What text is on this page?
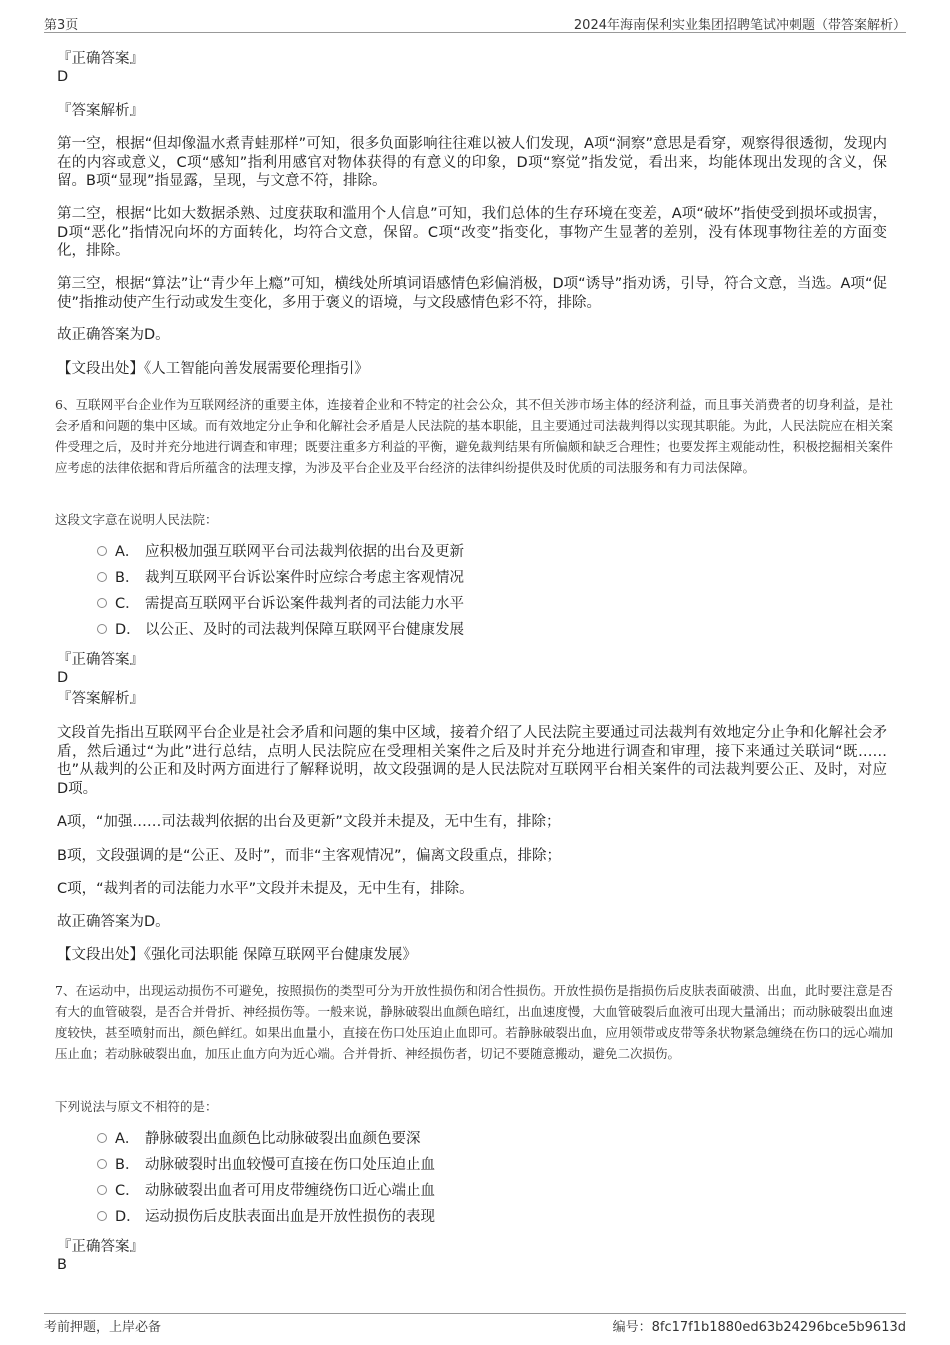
第3页	2024年海南保利实业集团招聘笔试冲刺题（带答案解析）
『正确答案』
D
『答案解析』
第一空，根据“但却像温水煮青蛙那样”可知，很多负面影响往往难以被人们发现，A项“洞察”意思是看穿，观察得很透彻，发现内在的内容或意义，C项“感知”指利用感官对物体获得的有意义的印象，D项“察觉”指发觉，看出来，均能体现出发现的含义，保留。B项“显现”指显露，呈现，与文意不符，排除。
第二空，根据“比如大数据杀熟、过度获取和滥用个人信息”可知，我们总体的生存环境在变差，A项“破坏”指使受到损坏或损害，D项“恶化”指情况向坏的方面转化，均符合文意，保留。C项“改变”指变化，事物产生显著的差别，没有体现事物往差的方面变化，排除。
第三空，根据“算法”让“青少年上瘾”可知，横线处所填词语感情色彩偏消极，D项“诱导”指劝诱，引导，符合文意，当选。A项“促使”指推动使产生行动或发生变化，多用于褒义的语境，与文段感情色彩不符，排除。
故正确答案为D。
【文段出处】《人工智能向善发展需要伦理指引》
6、互联网平台企业作为互联网经济的重要主体，连接着企业和不特定的社会公众，其不但关涉市场主体的经济利益，而且事关消费者的切身利益，是社会矛盾和问题的集中区域。而有效地定分止争和化解社会矛盾是人民法院的基本职能，且主要通过司法裁判得以实现其职能。为此，人民法院应在相关案件受理之后，及时并充分地进行调查和审理；既要注重多方利益的平衡，避免裁判结果有所偏颇和缺乏合理性；也要发挥主观能动性，积极挖掘相关案件应考虑的法律依据和背后所蕴含的法理支撑，为涉及平台企业及平台经济的法律纠纷提供及时优质的司法服务和有力司法保障。
这段文字意在说明人民法院：
A． 应积极加强互联网平台司法裁判依据的出台及更新
B． 裁判互联网平台诉讼案件时应综合考虑主客观情况
C． 需提高互联网平台诉讼案件裁判者的司法能力水平
D． 以公正、及时的司法裁判保障互联网平台健康发展
『正确答案』
D
『答案解析』
文段首先指出互联网平台企业是社会矛盾和问题的集中区域，接着介绍了人民法院主要通过司法裁判有效地定分止争和化解社会矛盾，然后通过“为此”进行总结，点明人民法院应在受理相关案件之后及时并充分地进行调查和审理，接下来通过关联词“既……也”从裁判的公正和及时两方面进行了解释说明，故文段强调的是人民法院对互联网平台相关案件的司法裁判要公正、及时，对应D项。
A项，“加强……司法裁判依据的出台及更新”文段并未提及，无中生有，排除；
B项，文段强调的是“公正、及时”，而非“主客观情况”，偏离文段重点，排除；
C项，“裁判者的司法能力水平”文段并未提及，无中生有，排除。
故正确答案为D。
【文段出处】《强化司法职能 保障互联网平台健康发展》
7、在运动中，出现运动损伤不可避免，按照损伤的类型可分为开放性损伤和闭合性损伤。开放性损伤是指损伤后皮肤表面破溃、出血，此时要注意是否有大的血管破裂，是否合并骨折、神经损伤等。一般来说，静脉破裂出血颜色暗红，出血速度慢，大血管破裂后血液可出现大量涌出；而动脉破裂出血速度较快，甚至喷射而出，颜色鲜红。如果出血量小，直接在伤口处压迫止血即可。若静脉破裂出血，应用领带或皮带等条状物紧急缠绕在伤口的远心端加压止血；若动脉破裂出血，加压止血方向为近心端。合并骨折、神经损伤者，切记不要随意搬动，避免二次损伤。
下列说法与原文不相符的是：
A． 静脉破裂出血颜色比动脉破裂出血颜色要深
B． 动脉破裂时出血较慢可直接在伤口处压迫止血
C． 动脉破裂出血者可用皮带缠绕伤口近心端止血
D． 运动损伤后皮肤表面出血是开放性损伤的表现
『正确答案』
B
考前押题，上岸必备	编号：8fc17f1b1880ed63b24296bce5b9613d
